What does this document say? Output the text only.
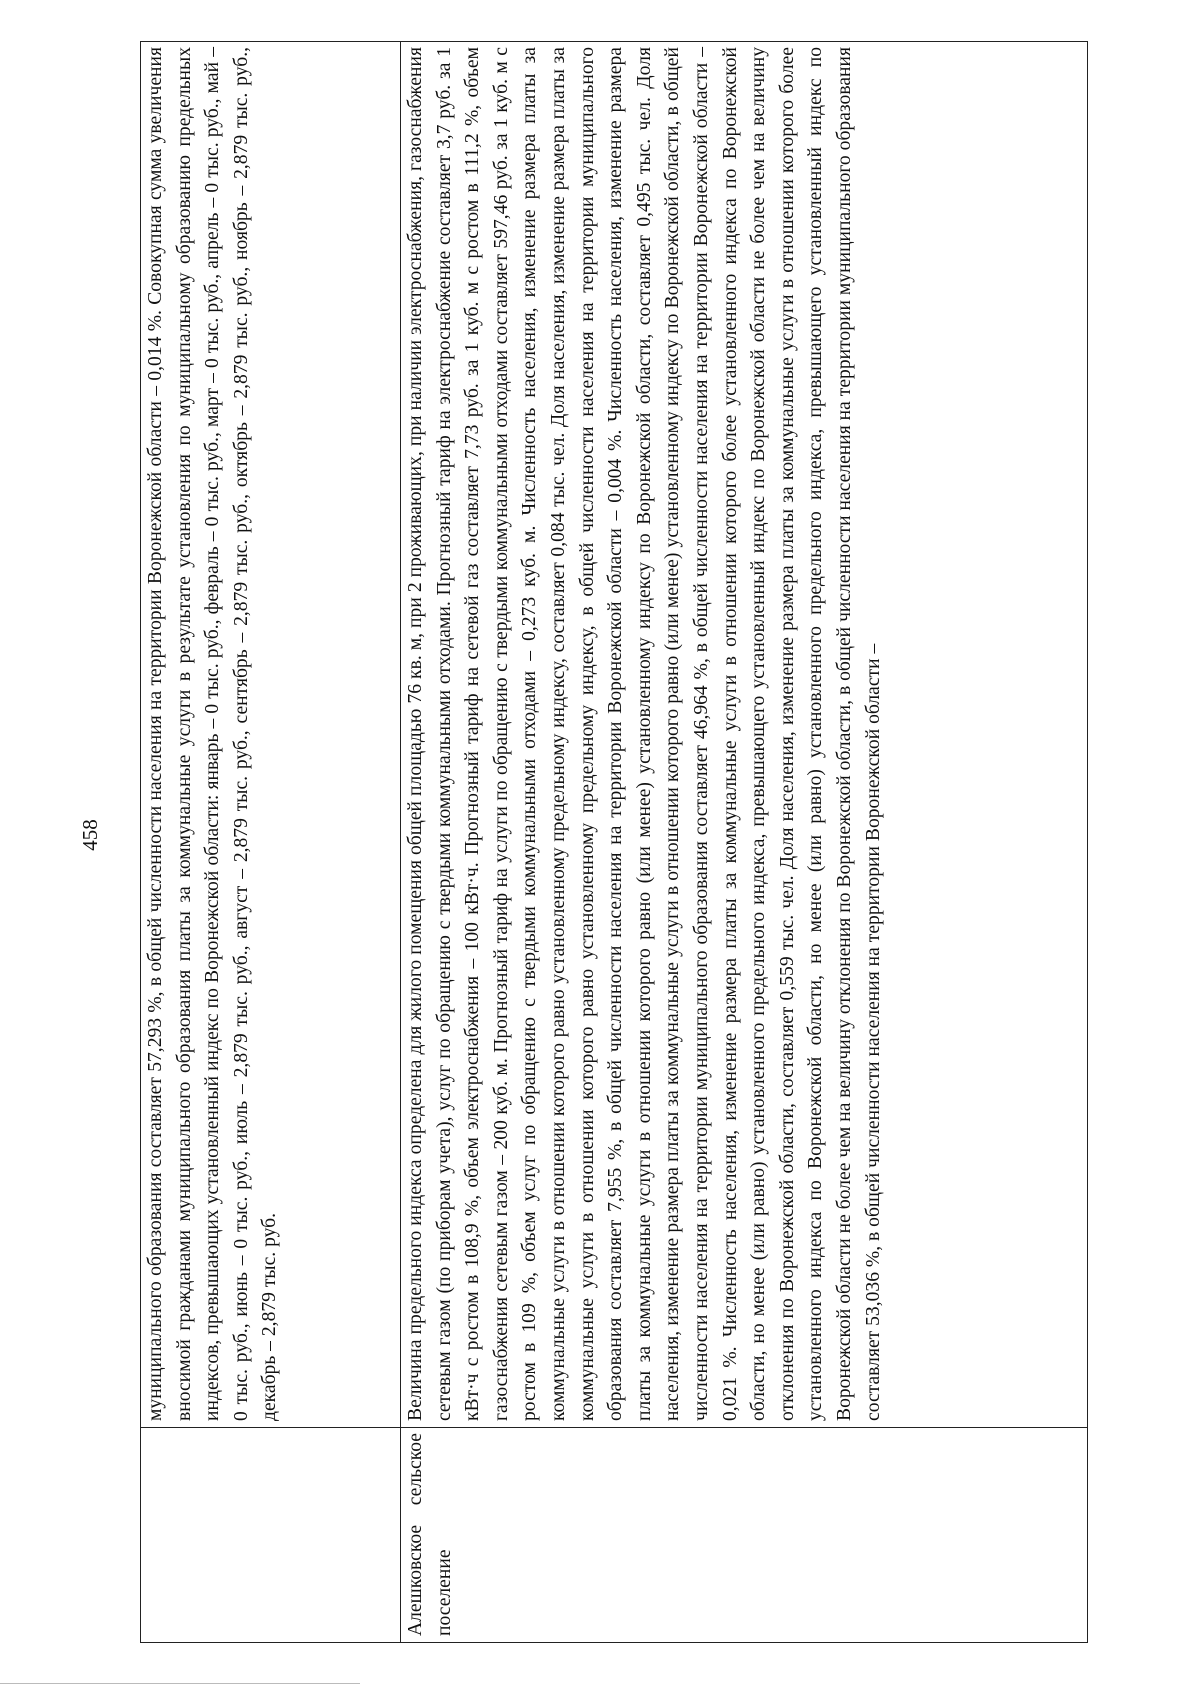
458
	муниципального образования составляет 57,293 %, в общей численности населения на территории Воронежской области – 0,014 %. Совокупная сумма увеличения вносимой гражданами муниципального образования платы за коммунальные услуги в результате установления по муниципальному образованию предельных индексов, превышающих установленный индекс по Воронежской области: январь – 0 тыс. руб., февраль – 0 тыс. руб., март – 0 тыс. руб., апрель – 0 тыс. руб., май – 0 тыс. руб., июнь – 0 тыс. руб., июль – 2,879 тыс. руб., август – 2,879 тыс. руб., сентябрь – 2,879 тыс. руб., октябрь – 2,879 тыс. руб., ноябрь – 2,879 тыс. руб., декабрь – 2,879 тыс. руб.
Алешковское сельское поселение	Величина предельного индекса определена для жилого помещения общей площадью 76 кв. м, при 2 проживающих, при наличии электроснабжения, газоснабжения сетевым газом (по приборам учета), услуг по обращению с твердыми коммунальными отходами. Прогнозный тариф на электроснабжение составляет 3,7 руб. за 1 кВт·ч с ростом в 108,9 %, объем электроснабжения – 100 кВт·ч. Прогнозный тариф на сетевой газ составляет 7,73 руб. за 1 куб. м с ростом в 111,2 %, объем газоснабжения сетевым газом – 200 куб. м. Прогнозный тариф на услуги по обращению с твердыми коммунальными отходами составляет 597,46 руб. за 1 куб. м с ростом в 109 %, объем услуг по обращению с твердыми коммунальными отходами – 0,273 куб. м. Численность населения, изменение размера платы за коммунальные услуги в отношении которого равно установленному предельному индексу, составляет 0,084 тыс. чел. Доля населения, изменение размера платы за коммунальные услуги в отношении которого равно установленному предельному индексу, в общей численности населения на территории муниципального образования составляет 7,955 %, в общей численности населения на территории Воронежской области – 0,004 %. Численность населения, изменение размера платы за коммунальные услуги в отношении которого равно (или менее) установленному индексу по Воронежской области, составляет 0,495 тыс. чел. Доля населения, изменение размера платы за коммунальные услуги в отношении которого равно (или менее) установленному индексу по Воронежской области, в общей численности населения на территории муниципального образования составляет 46,964 %, в общей численности населения на территории Воронежской области – 0,021 %. Численность населения, изменение размера платы за коммунальные услуги в отношении которого более установленного индекса по Воронежской области, но менее (или равно) установленного предельного индекса, превышающего установленный индекс по Воронежской области не более чем на величину отклонения по Воронежской области, составляет 0,559 тыс. чел. Доля населения, изменение размера платы за коммунальные услуги в отношении которого более установленного индекса по Воронежской области, но менее (или равно) установленного предельного индекса, превышающего установленный индекс по Воронежской области не более чем на величину отклонения по Воронежской области, в общей численности населения на территории муниципального образования составляет 53,036 %, в общей численности населения на территории Воронежской области –
